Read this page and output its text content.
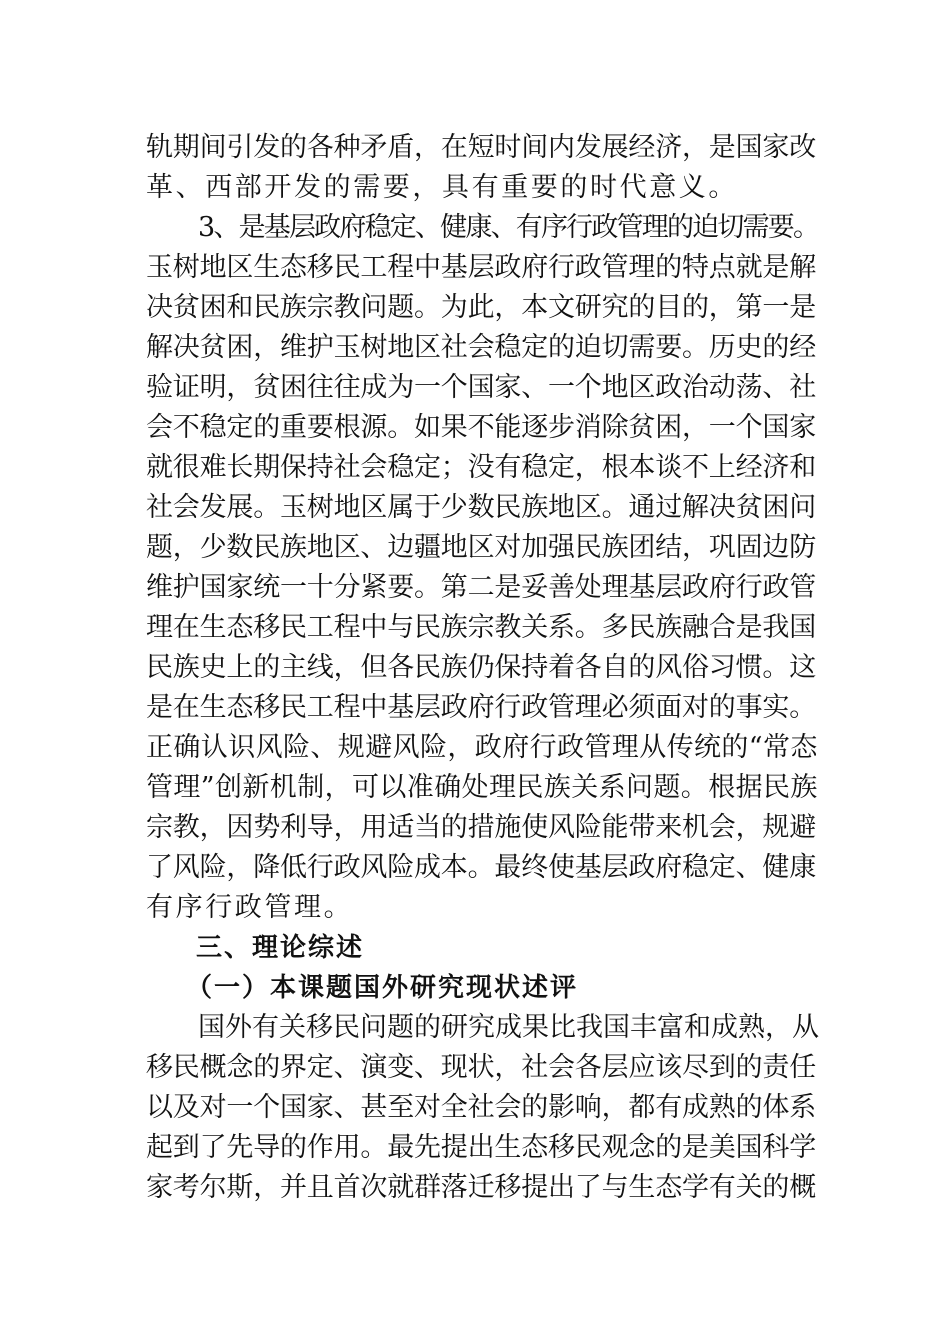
轨期间引发的各种矛盾，在短时间内发展经济，是国家改
革、西部开发的需要，具有重要的时代意义。
3、是基层政府稳定、健康、有序行政管理的迫切需要。
玉树地区生态移民工程中基层政府行政管理的特点就是解
决贫困和民族宗教问题。为此，本文研究的目的，第一是
解决贫困，维护玉树地区社会稳定的迫切需要。历史的经
验证明，贫困往往成为一个国家、一个地区政治动荡、社
会不稳定的重要根源。如果不能逐步消除贫困，一个国家
就很难长期保持社会稳定；没有稳定，根本谈不上经济和
社会发展。玉树地区属于少数民族地区。通过解决贫困问
题，少数民族地区、边疆地区对加强民族团结，巩固边防
维护国家统一十分紧要。第二是妥善处理基层政府行政管
理在生态移民工程中与民族宗教关系。多民族融合是我国
民族史上的主线，但各民族仍保持着各自的风俗习惯。这
是在生态移民工程中基层政府行政管理必须面对的事实。
正确认识风险、规避风险，政府行政管理从传统的“常态
管理”创新机制，可以准确处理民族关系问题。根据民族
宗教，因势利导，用适当的措施使风险能带来机会，规避
了风险，降低行政风险成本。最终使基层政府稳定、健康
有序行政管理。
三、理论综述
（一）本课题国外研究现状述评
国外有关移民问题的研究成果比我国丰富和成熟，从
移民概念的界定、演变、现状，社会各层应该尽到的责任
以及对一个国家、甚至对全社会的影响，都有成熟的体系
起到了先导的作用。最先提出生态移民观念的是美国科学
家考尔斯，并且首次就群落迁移提出了与生态学有关的概
